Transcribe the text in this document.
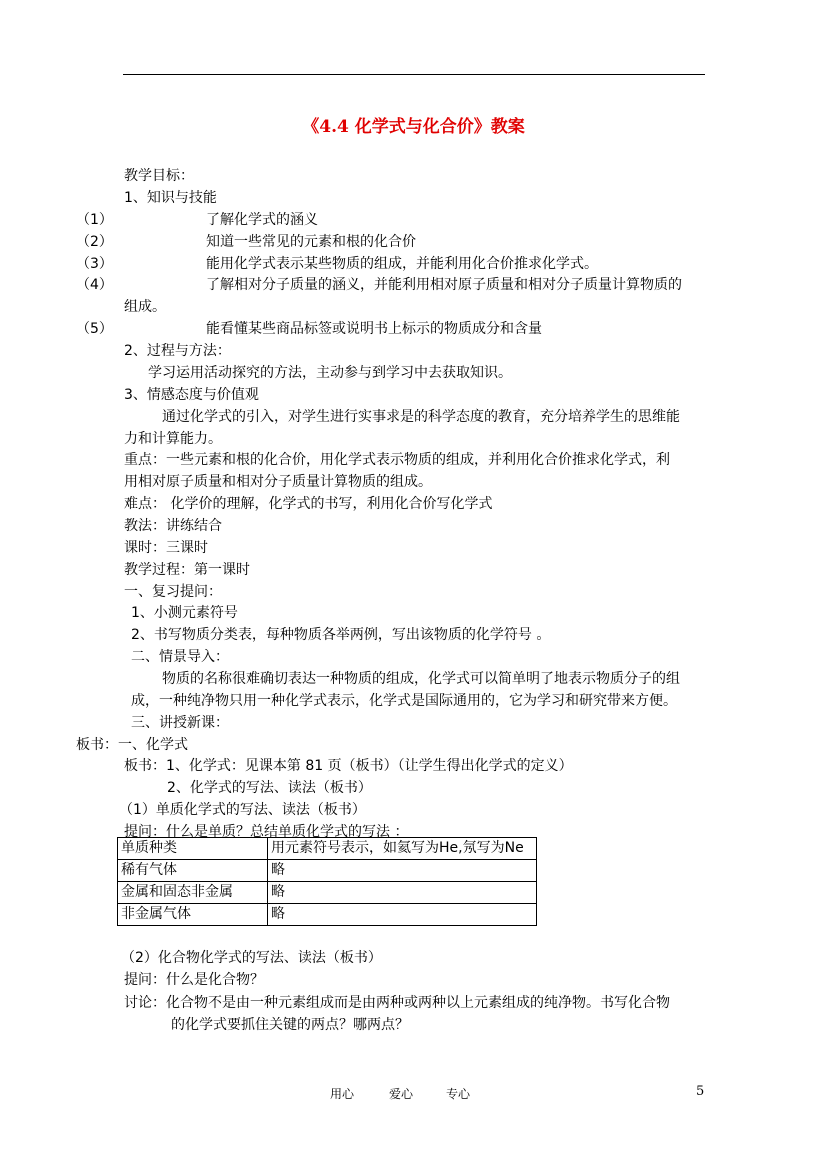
《4.4 化学式与化合价》教案
教学目标：
1、知识与技能
（1）	了解化学式的涵义
（2）	知道一些常见的元素和根的化合价
（3）	能用化学式表示某些物质的组成，并能利用化合价推求化学式。
（4）	了解相对分子质量的涵义，并能利用相对原子质量和相对分子质量计算物质的
组成。
（5）	能看懂某些商品标签或说明书上标示的物质成分和含量
2、过程与方法：
学习运用活动探究的方法，主动参与到学习中去获取知识。
3、情感态度与价值观
通过化学式的引入，对学生进行实事求是的科学态度的教育，充分培养学生的思维能
力和计算能力。
重点：一些元素和根的化合价，用化学式表示物质的组成，并利用化合价推求化学式，利
用相对原子质量和相对分子质量计算物质的组成。
难点： 化学价的理解，化学式的书写，利用化合价写化学式
教法：讲练结合
课时：三课时
教学过程：第一课时
一、复习提问：
1、小测元素符号
2、书写物质分类表，每种物质各举两例，写出该物质的化学符号 。
二、情景导入：
物质的名称很难确切表达一种物质的组成，化学式可以简单明了地表示物质分子的组
成，一种纯净物只用一种化学式表示，化学式是国际通用的，它为学习和研究带来方便。
三、讲授新课：
板书：一、化学式
板书：1、化学式：见课本第 81 页（板书）（让学生得出化学式的定义）
2、化学式的写法、读法（板书）
（1）单质化学式的写法、读法（板书）
提问：什么是单质？总结单质化学式的写法 ：
单质种类	用元素符号表示，如氦写为He,氖写为Ne
稀有气体	略
金属和固态非金属	略
非金属气体	略
（2）化合物化学式的写法、读法（板书）
提问：什么是化合物？
讨论：化合物不是由一种元素组成而是由两种或两种以上元素组成的纯净物。书写化合物
的化学式要抓住关键的两点？哪两点？
用心	爱心	专心	5
